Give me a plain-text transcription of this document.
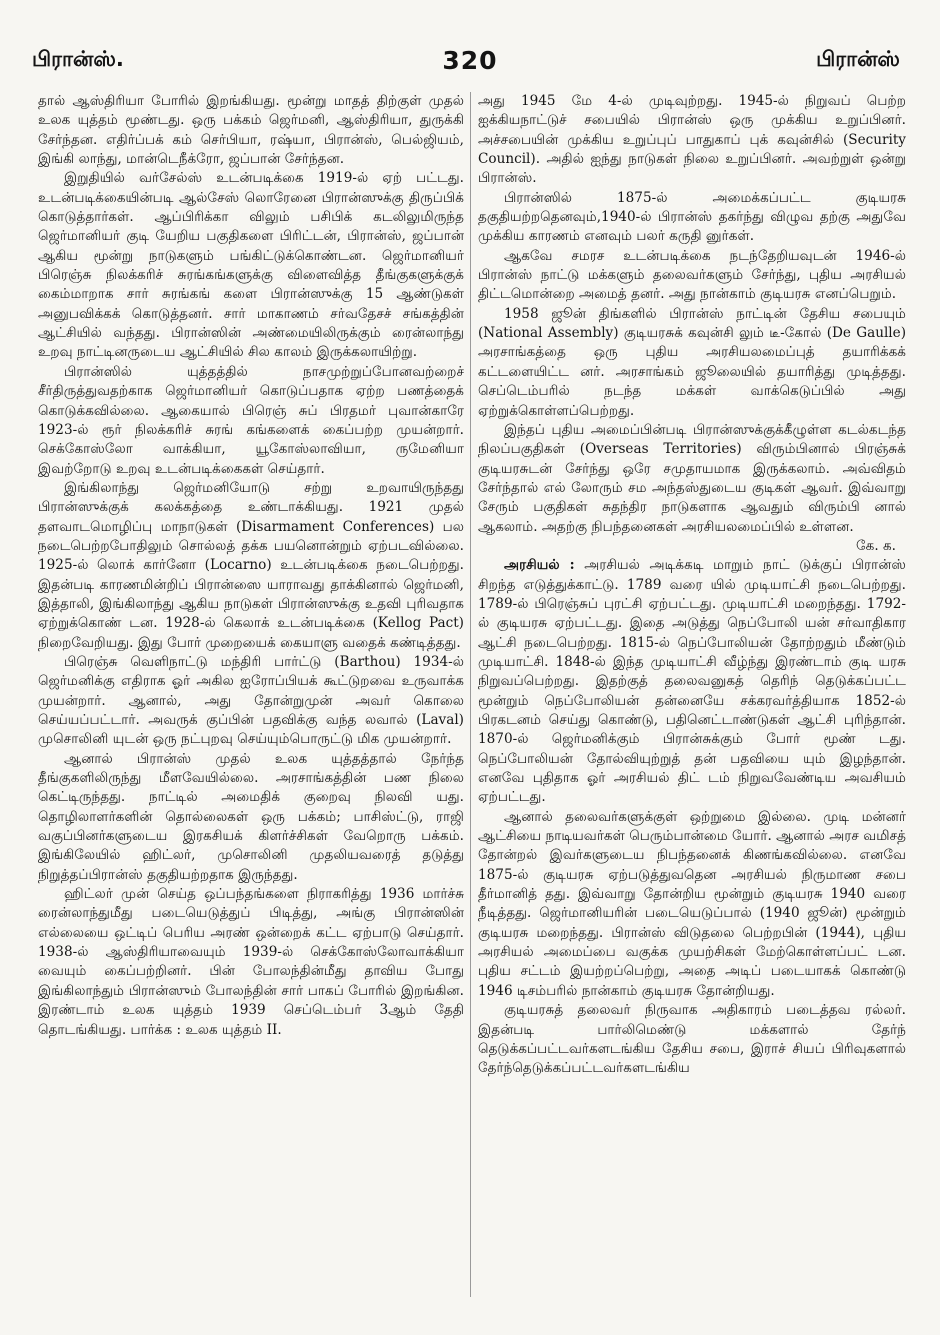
பிரான்ஸ்.	320	பிரான்ஸ்

தால் ஆஸ்திரியா போரில் இறங்கியது. மூன்று மாதத் திற்குள் முதல் உலக யுத்தம் மூண்டது. ஒரு பக்கம் ஜெர்மனி, ஆஸ்திரியா, துருக்கி சேர்ந்தன. எதிர்ப்பக் கம் செர்பியா, ரஷ்யா, பிரான்ஸ், பெல்ஜியம், இங்கி லாந்து, மான்டெநீக்ரோ, ஜப்பான் சேர்ந்தன.

இறுதியில் வர்சேல்ஸ் உடன்படிக்கை 1919-ல் ஏற் பட்டது. உடன்படிக்கையின்படி ஆல்சேஸ் லொரேனை பிரான்ஸுக்கு திருப்பிக் கொடுத்தார்கள். ஆப்பிரிக்கா விலும் பசிபிக் கடலிலுமிருந்த ஜெர்மானியர் குடி யேறிய பகுதிகளை பிரிட்டன், பிரான்ஸ், ஜப்பான் ஆகிய மூன்று நாடுகளும் பங்கிட்டுக்கொண்டன. ஜெர்மானியர் பிரெஞ்சு நிலக்கரிச் சுரங்கங்களுக்கு விளைவித்த தீங்குகளுக்குக் கைம்மாறாக சார் சுரங்கங் களை பிரான்ஸுக்கு 15 ஆண்டுகள் அனுபவிக்கக் கொடுத்தனர். சார் மாகாணம் சர்வதேசச் சங்கத்தின் ஆட்சியில் வந்தது. பிரான்ஸின் அண்மையிலிருக்கும் ரைன்லாந்து உறவு நாட்டினருடைய ஆட்சியில் சில காலம் இருக்கலாயிற்று.

பிரான்ஸில் யுத்தத்தில் நாசமுற்றுப்போனவற்றைச் சீர்திருத்துவதற்காக ஜெர்மானியர் கொடுப்பதாக ஏற்ற பணத்தைக் கொடுக்கவில்லை. ஆகையால் பிரெஞ் சுப் பிரதமர் புவான்காரே 1923-ல் ரூர் நிலக்கரிச் சுரங் கங்களைக் கைப்பற்ற முயன்றார். செக்கோஸ்லோ வாக்கியா, யூகோஸ்லாவியா, ருமேனியா இவற்றோடு உறவு உடன்படிக்கைகள் செய்தார்.

இங்கிலாந்து ஜெர்மனியோடு சற்று உறவாயிருந்தது பிரான்ஸுக்குக் கலக்கத்தை உண்டாக்கியது. 1921 முதல் தளவாடமொழிப்பு மாநாடுகள் (Disarmament Conferences) பல நடைபெற்றபோதிலும் சொல்லத் தக்க பயனொன்றும் ஏற்படவில்லை. 1925-ல் லொக் கார்னோ (Locarno) உடன்படிக்கை நடைபெற்றது. இதன்படி காரணமின்றிப் பிரான்ஸை யாராவது தாக்கினால் ஜெர்மனி, இத்தாலி, இங்கிலாந்து ஆகிய நாடுகள் பிரான்ஸுக்கு உதவி புரிவதாக ஏற்றுக்கொண் டன. 1928-ல் கெலாக் உடன்படிக்கை (Kellog Pact) நிறைவேறியது. இது போர் முறையைக் கையாளு வதைக் கண்டித்தது.

பிரெஞ்சு வெளிநாட்டு மந்திரி பார்ட்டு (Barthou) 1934-ல் ஜெர்மனிக்கு எதிராக ஓர் அகில ஐரோப்பியக் கூட்டுறவை உருவாக்க முயன்றார். ஆனால், அது தோன்றுமுன் அவர் கொலை செய்யப்பட்டார். அவருக் குப்பின் பதவிக்கு வந்த லவால் (Laval) முசொலினி யுடன் ஒரு நட்புறவு செய்யும்பொருட்டு மிக முயன்றார்.

ஆனால் பிரான்ஸ் முதல் உலக யுத்தத்தால் நேர்ந்த தீங்குகளிலிருந்து மீளவேயில்லை. அரசாங்கத்தின் பண நிலை கெட்டிருந்தது. நாட்டில் அமைதிக் குறைவு நிலவி யது. தொழிலாளர்களின் தொல்லைகள் ஒரு பக்கம்; பாசிஸ்ட்டு, ராஜி வகுப்பினர்களுடைய இரகசியக் கிளர்ச்சிகள் வேறொரு பக்கம். இங்கிலேயில் ஹிட்லர், முசொலினி முதலியவரைத் தடுத்து நிறுத்தப்பிரான்ஸ் தகுதியற்றதாக இருந்தது.

ஹிட்லர் முன் செய்த ஒப்பந்தங்களை நிராகரித்து 1936 மார்ச்சு ரைன்லாந்துமீது படையெடுத்துப் பிடித்து, அங்கு பிரான்ஸின் எல்லையை ஒட்டிப் பெரிய அரண் ஒன்றைக் கட்ட ஏற்பாடு செய்தார். 1938-ல் ஆஸ்திரியாவையும் 1939-ல் செக்கோஸ்லோவாக்கியா வையும் கைப்பற்றினர். பின் போலந்தின்மீது தாவிய போது இங்கிலாந்தும் பிரான்ஸும் போலந்தின் சார் பாகப் போரில் இறங்கின. இரண்டாம் உலக யுத்தம் 1939 செப்டெம்பர் 3ஆம் தேதி தொடங்கியது. பார்க்க : உலக யுத்தம் II.

அது 1945 மே 4-ல் முடிவுற்றது. 1945-ல் நிறுவப் பெற்ற ஐக்கியநாட்டுச் சபையில் பிரான்ஸ் ஒரு முக்கிய உறுப்பினர். அச்சபையின் முக்கிய உறுப்புப் பாதுகாப் புக் கவுன்சில் (Security Council). அதில் ஐந்து நாடுகள் நிலை உறுப்பினர். அவற்றுள் ஒன்று பிரான்ஸ்.

பிரான்ஸில் 1875-ல் அமைக்கப்பட்ட குடியரசு தகுதியற்றதெனவும்,1940-ல் பிரான்ஸ் தகர்ந்து விழுவ தற்கு அதுவே முக்கிய காரணம் எனவும் பலர் கருதி னுர்கள்.

ஆகவே சமரச உடன்படிக்கை நடந்தேறியவுடன் 1946-ல் பிரான்ஸ் நாட்டு மக்களும் தலைவர்களும் சேர்ந்து, புதிய அரசியல் திட்டமொன்றை அமைத் தனர். அது நான்காம் குடியரசு எனப்பெறும்.

1958 ஜூன் திங்களில் பிரான்ஸ் நாட்டின் தேசிய சபையும் (National Assembly) குடியரசுக் கவுன்சி லும் டீ-கோல் (De Gaulle) அரசாங்கத்தை ஒரு புதிய அரசியலமைப்புத் தயாரிக்கக் கட்டளையிட்ட னர். அரசாங்கம் ஜூலையில் தயாரித்து முடித்தது. செப்டெம்பரில் நடந்த மக்கள் வாக்கெடுப்பில் அது ஏற்றுக்கொள்ளப்பெற்றது.

இந்தப் புதிய அமைப்பின்படி பிரான்ஸுக்குக்கீழுள்ள கடல்கடந்த நிலப்பகுதிகள் (Overseas Territories) விரும்பினால் பிரஞ்சுக் குடியரசுடன் சேர்ந்து ஒரே சமுதாயமாக இருக்கலாம். அவ்விதம் சேர்ந்தால் எல் லோரும் சம அந்தஸ்துடைய குடிகள் ஆவர். இவ்வாறு சேரும் பகுதிகள் சுதந்திர நாடுகளாக ஆவதும் விரும்பி னால் ஆகலாம். அதற்கு நிபந்தனைகள் அரசியலமைப்பில் உள்ளன.

கே. க.

அரசியல் : அரசியல் அடிக்கடி மாறும் நாட் டுக்குப் பிரான்ஸ் சிறந்த எடுத்துக்காட்டு. 1789 வரை யில் முடியாட்சி நடைபெற்றது. 1789-ல் பிரெஞ்சுப் புரட்சி ஏற்பட்டது. முடியாட்சி மறைந்தது. 1792-ல் குடியரசு ஏற்பட்டது. இதை அடுத்து நெப்போலி யன் சர்வாதிகார ஆட்சி நடைபெற்றது. 1815-ல் நெப்போலியன் தோற்றதும் மீண்டும் முடியாட்சி. 1848-ல் இந்த முடியாட்சி வீழ்ந்து இரண்டாம் குடி யரசு நிறுவப்பெற்றது. இதற்குத் தலைவனுகத் தெரிந் தெடுக்கப்பட்ட மூன்றும் நெப்போலியன் தன்னையே சக்கரவர்த்தியாக 1852-ல் பிரகடனம் செய்து கொண்டு, பதினெட்டாண்டுகள் ஆட்சி புரிந்தான். 1870-ல் ஜெர்மனிக்கும் பிரான்சுக்கும் போர் மூண் டது. நெப்போலியன் தோல்வியுற்றுத் தன் பதவியை யும் இழந்தான். எனவே புதிதாக ஓர் அரசியல் திட் டம் நிறுவவேண்டிய அவசியம் ஏற்பட்டது.

ஆனால் தலைவர்களுக்குள் ஒற்றுமை இல்லை. முடி மன்னர் ஆட்சியை நாடியவர்கள் பெரும்பான்மை யோர். ஆனால் அரச வமிசத் தோன்றல் இவர்களுடைய நிபந்தனைக் கிணங்கவில்லை. எனவே 1875-ல் குடியரசு ஏற்படுத்துவதென அரசியல் நிருமாண சபை தீர்மானித் தது. இவ்வாறு தோன்றிய மூன்றும் குடியரசு 1940 வரை நீடித்தது. ஜெர்மானியரின் படையெடுப்பால் (1940 ஜூன்) மூன்றும் குடியரசு மறைந்தது. பிரான்ஸ் விடுதலை பெற்றபின் (1944), புதிய அரசியல் அமைப்பை வகுக்க முயற்சிகள் மேற்கொள்ளப்பட் டன. புதிய சட்டம் இயற்றப்பெற்று, அதை அடிப் படையாகக் கொண்டு 1946 டிசம்பரில் நான்காம் குடியரசு தோன்றியது.

குடியரசுத் தலைவர் நிருவாக அதிகாரம் படைத்தவ ரல்லர். இதன்படி பார்லிமெண்டு மக்களால் தேர்ந் தெடுக்கப்பட்டவர்களடங்கிய தேசிய சபை, இராச் சியப் பிரிவுகளால் தேர்ந்தெடுக்கப்பட்டவர்களடங்கிய
